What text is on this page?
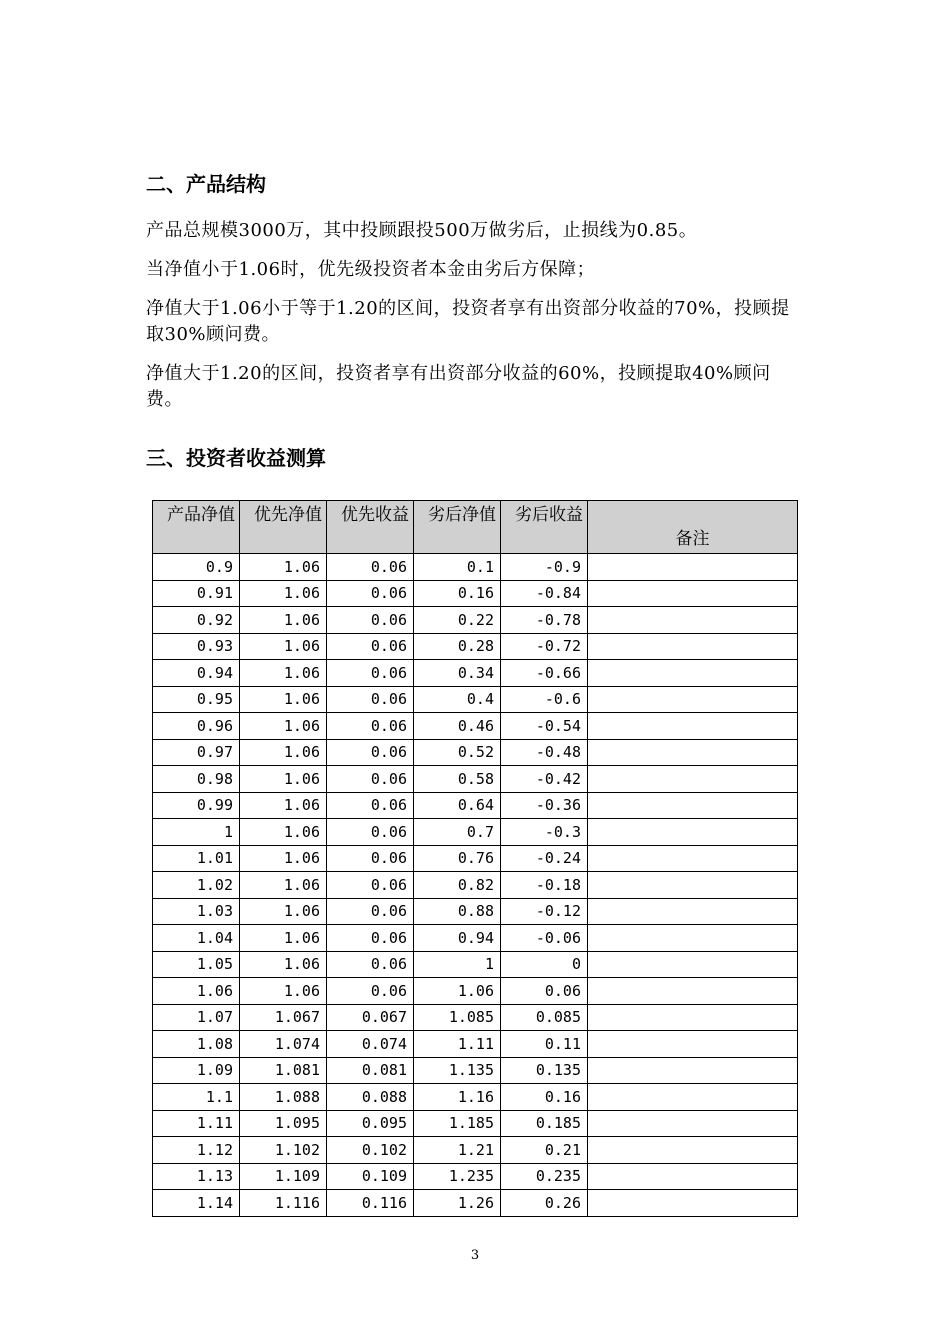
二、产品结构
产品总规模3000万，其中投顾跟投500万做劣后，止损线为0.85。
当净值小于1.06时，优先级投资者本金由劣后方保障；
净值大于1.06小于等于1.20的区间，投资者享有出资部分收益的70%，投顾提取30%顾问费。
净值大于1.20的区间，投资者享有出资部分收益的60%，投顾提取40%顾问费。
三、投资者收益测算
产品净值	优先净值	优先收益	劣后净值	劣后收益	备注
0.9	1.06	0.06	0.1	-0.9	
0.91	1.06	0.06	0.16	-0.84	
0.92	1.06	0.06	0.22	-0.78	
0.93	1.06	0.06	0.28	-0.72	
0.94	1.06	0.06	0.34	-0.66	
0.95	1.06	0.06	0.4	-0.6	
0.96	1.06	0.06	0.46	-0.54	
0.97	1.06	0.06	0.52	-0.48	
0.98	1.06	0.06	0.58	-0.42	
0.99	1.06	0.06	0.64	-0.36	
1	1.06	0.06	0.7	-0.3	
1.01	1.06	0.06	0.76	-0.24	
1.02	1.06	0.06	0.82	-0.18	
1.03	1.06	0.06	0.88	-0.12	
1.04	1.06	0.06	0.94	-0.06	
1.05	1.06	0.06	1	0	
1.06	1.06	0.06	1.06	0.06	
1.07	1.067	0.067	1.085	0.085	
1.08	1.074	0.074	1.11	0.11	
1.09	1.081	0.081	1.135	0.135	
1.1	1.088	0.088	1.16	0.16	
1.11	1.095	0.095	1.185	0.185	
1.12	1.102	0.102	1.21	0.21	
1.13	1.109	0.109	1.235	0.235	
1.14	1.116	0.116	1.26	0.26	
3
